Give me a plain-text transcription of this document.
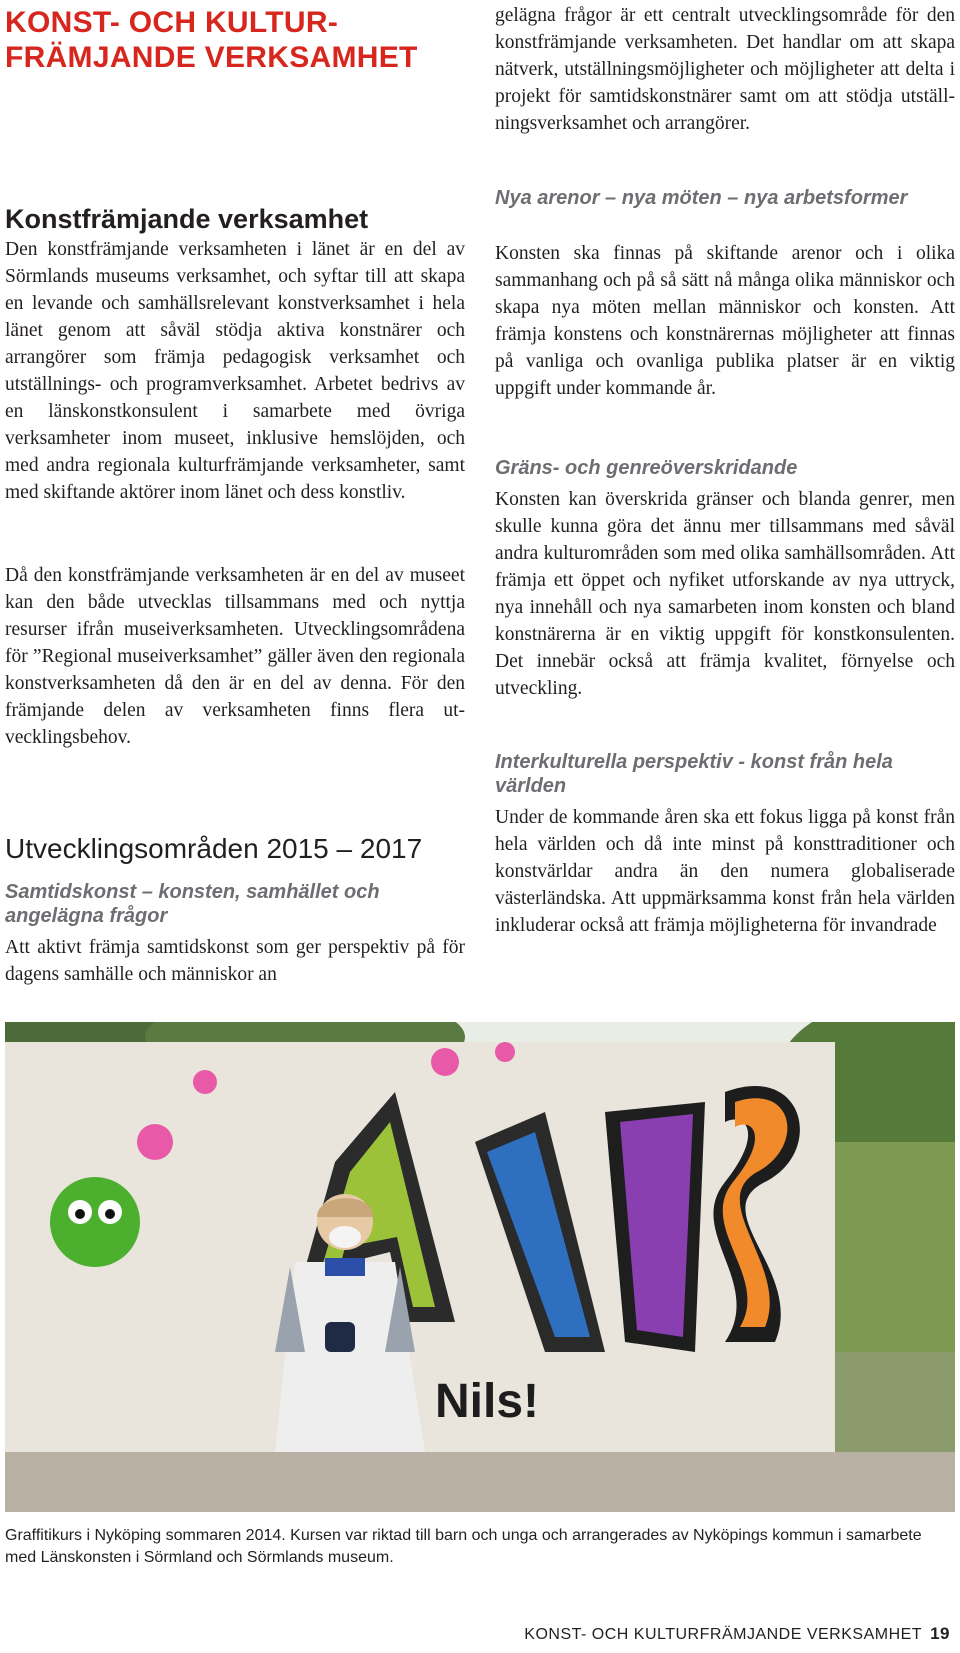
KONST- OCH KULTUR-
FRÄMJANDE VERKSAMHET
Konstfrämjande verksamhet

Den konstfrämjande verksamheten i länet är en del av Sörmlands museums verksamhet, och syftar till att skapa en levande och samhällsrelevant konstverksamhet i hela länet genom att såväl stödja aktiva konstnärer och arrangörer som främja pedagogisk verksamhet och utställnings- och programverksamhet. Arbetet bedrivs av en länskonstkonsulent i samarbete med övriga verksamheter inom museet, inklusive hemslöjden, och med andra regionala kulturfrämjande verksamheter, samt med skiftande aktörer inom länet och dess konstliv.

Då den konstfrämjande verksamheten är en del av museet kan den både utvecklas tillsammans med och nyttja resurser ifrån museiverksamheten. Utvecklingsområdena för ”Regional museiverksamhet” gäller även den regionala konstverksamheten då den är en del av denna. För den främjande delen av verksamheten finns flera utvecklingsbehov.

Utvecklingsområden 2015 – 2017
Samtidskonst – konsten, samhället och angelägna frågor

Att aktivt främja samtidskonst som ger perspektiv på för dagens samhälle och människor an

gelägna frågor är ett centralt utvecklingsområde för den konstfrämjande verksamheten. Det handlar om att skapa nätverk, utställningsmöjligheter och möjligheter att delta i projekt för samtidskonstnärer samt om att stödja utställningsverksamhet och arrangörer.

Nya arenor – nya möten – nya arbetsformer

Konsten ska finnas på skiftande arenor och i olika sammanhang och på så sätt nå många olika människor och skapa nya möten mellan människor och konsten. Att främja konstens och konstnärernas möjligheter att finnas på vanliga och ovanliga publika platser är en viktig uppgift under kommande år.

Gräns- och genreöverskridande

Konsten kan överskrida gränser och blanda genrer, men skulle kunna göra det ännu mer tillsammans med såväl andra kulturområden som med olika samhällsområden. Att främja ett öppet och nyfiket utforskande av nya uttryck, nya innehåll och nya samarbeten inom konsten och bland konstnärerna är en viktig uppgift för konstkonsulenten. Det innebär också att främja kvalitet, förnyelse och utveckling.

Interkulturella perspektiv - konst från hela världen

Under de kommande åren ska ett fokus ligga på konst från hela världen och då inte minst på konsttraditioner och konstvärldar andra än den numera globaliserade västerländska. Att uppmärksamma konst från hela världen inkluderar också att främja möjligheterna för invandrade

Nils!
Graffitikurs i Nyköping sommaren 2014. Kursen var riktad till barn och unga och arrangerades av Nyköpings kommun i samarbete med Länskonsten i Sörmland och Sörmlands museum.
KONST- OCH KULTURFRÄMJANDE VERKSAMHET 19
